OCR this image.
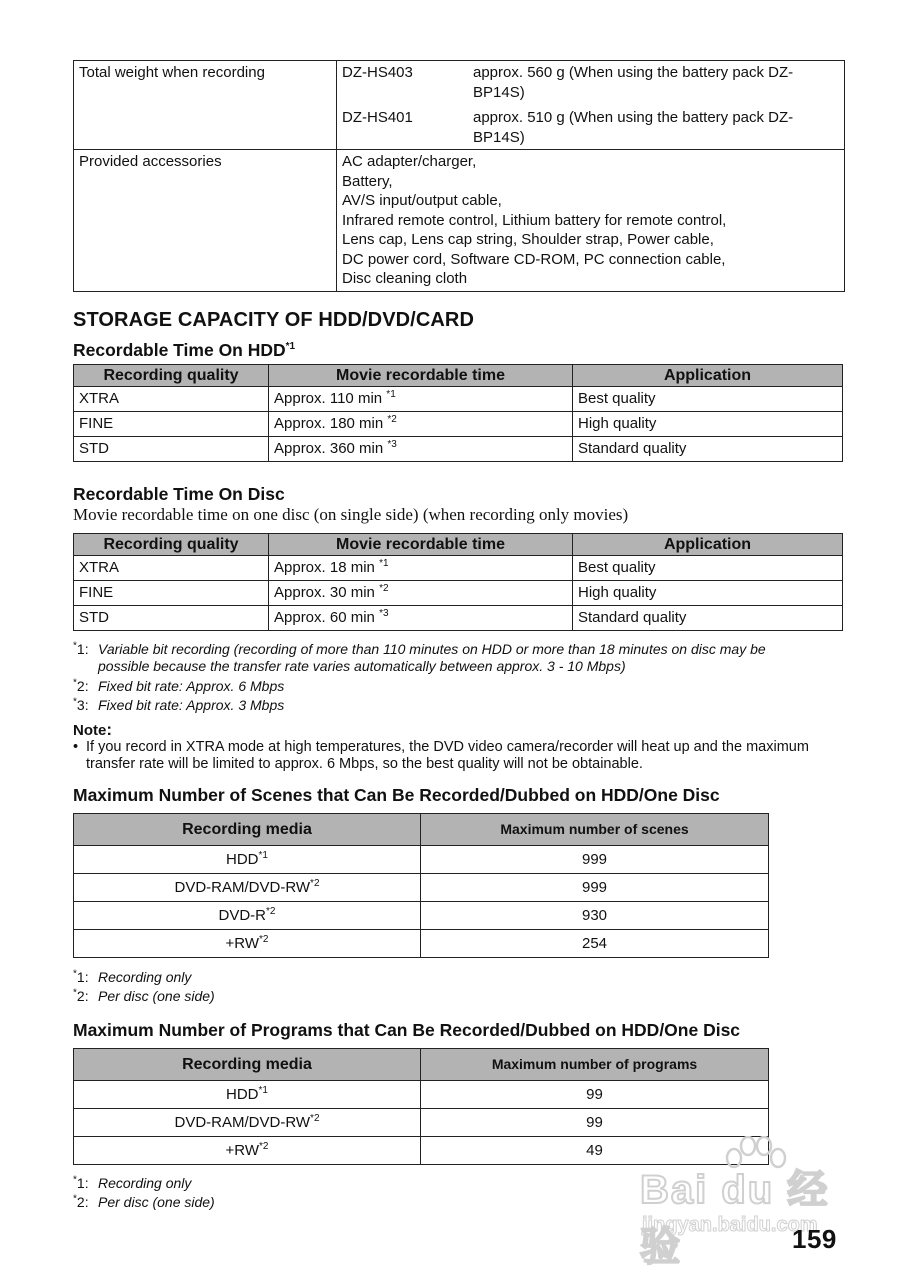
Total weight when recording	DZ-HS403 approx. 560 g (When using the battery pack DZ-BP14S)
DZ-HS401 approx. 510 g (When using the battery pack DZ-BP14S)

Provided accessories	AC adapter/charger,
Battery,
AV/S input/output cable,
Infrared remote control, Lithium battery for remote control,
Lens cap, Lens cap string, Shoulder strap, Power cable,
DC power cord, Software CD-ROM, PC connection cable,
Disc cleaning cloth
STORAGE CAPACITY OF HDD/DVD/CARD
Recordable Time On HDD$^{*1}$
Recording quality	Movie recordable time	Application
XTRA	Approx. 110 min $^{*1}$	Best quality
FINE	Approx. 180 min $^{*2}$	High quality
STD	Approx. 360 min $^{*3}$	Standard quality
Recordable Time On Disc
Movie recordable time on one disc (on single side) (when recording only movies)
Recording quality	Movie recordable time	Application
XTRA	Approx. 18 min $^{*1}$	Best quality
FINE	Approx. 30 min $^{*2}$	High quality
STD	Approx. 60 min $^{*3}$	Standard quality
*1: Variable bit recording (recording of more than 110 minutes on HDD or more than 18 minutes on disc may be
possible because the transfer rate varies automatically between approx. 3 - 10 Mbps)
*2: Fixed bit rate: Approx. 6 Mbps
*3: Fixed bit rate: Approx. 3 Mbps
Note:
• If you record in XTRA mode at high temperatures, the DVD video camera/recorder will heat up and the maximum
transfer rate will be limited to approx. 6 Mbps, so the best quality will not be obtainable.
Maximum Number of Scenes that Can Be Recorded/Dubbed on HDD/One Disc
Recording media	Maximum number of scenes
HDD$^{*1}$	999
DVD-RAM/DVD-RW$^{*2}$	999
DVD-$R^{*2}$	930
$+RW^{*2}$	254
*1: Recording only
*2: Per disc (one side)
Maximum Number of Programs that Can Be Recorded/Dubbed on HDD/One Disc
Recording media	Maximum number of programs
HDD$^{*1}$	99
DVD-RAM/DVD-RW$^{*2}$	99
$+RW^{*2}$	49
*1: Recording only
*2: Per disc (one side)	Bai du 经验
jingyan.baidu.com
159
